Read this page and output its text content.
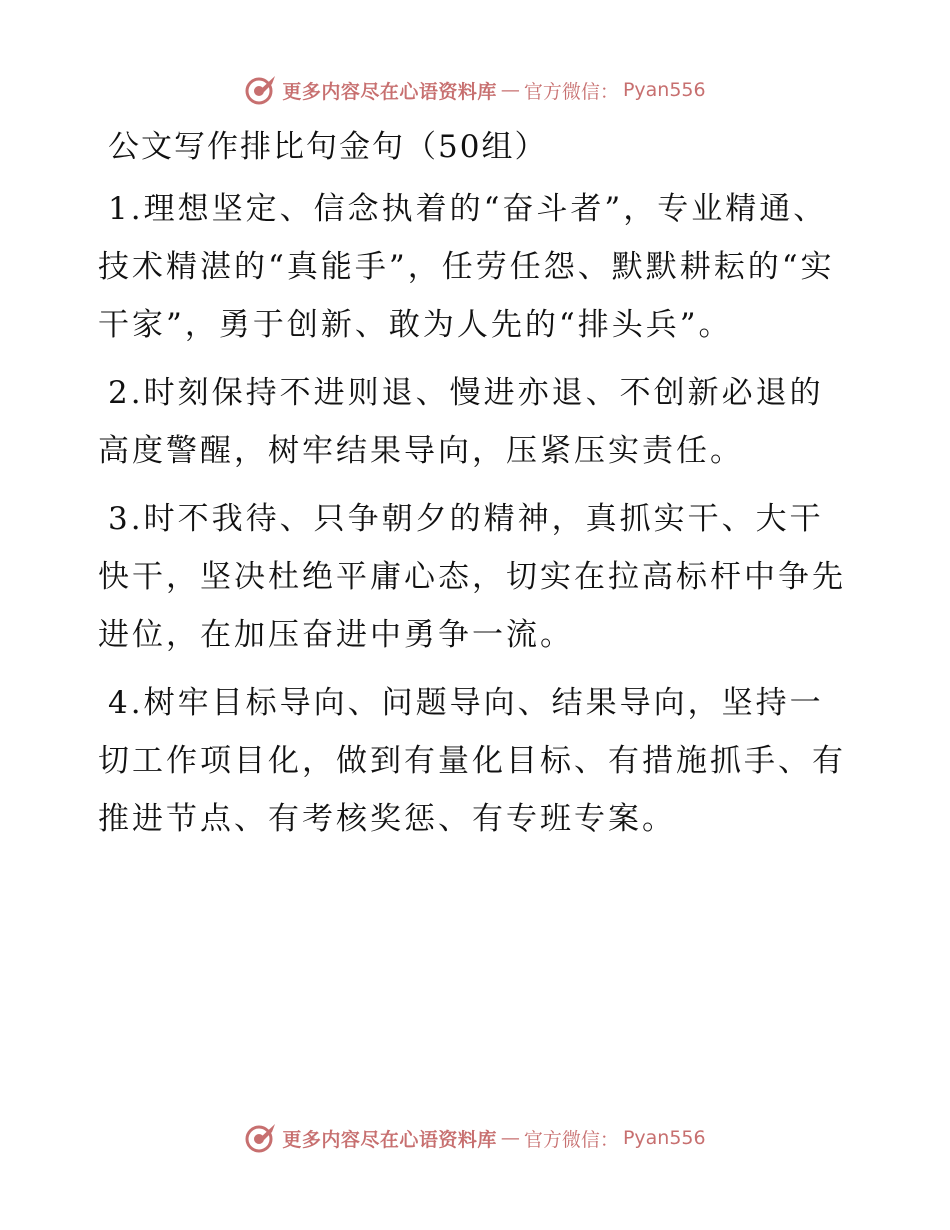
更多内容尽在心语资料库 — 官方微信： Pyan556
公文写作排比句金句（50组）

1.理想坚定、信念执着的“奋斗者”，专业精通、技术精湛的“真能手”，任劳任怨、默默耕耘的“实干家”，勇于创新、敢为人先的“排头兵”。

2.时刻保持不进则退、慢进亦退、不创新必退的高度警醒，树牢结果导向，压紧压实责任。

3.时不我待、只争朝夕的精神，真抓实干、大干快干，坚决杜绝平庸心态，切实在拉高标杆中争先进位，在加压奋进中勇争一流。

4.树牢目标导向、问题导向、结果导向，坚持一切工作项目化，做到有量化目标、有措施抓手、有推进节点、有考核奖惩、有专班专案。

更多内容尽在心语资料库 — 官方微信： Pyan556
